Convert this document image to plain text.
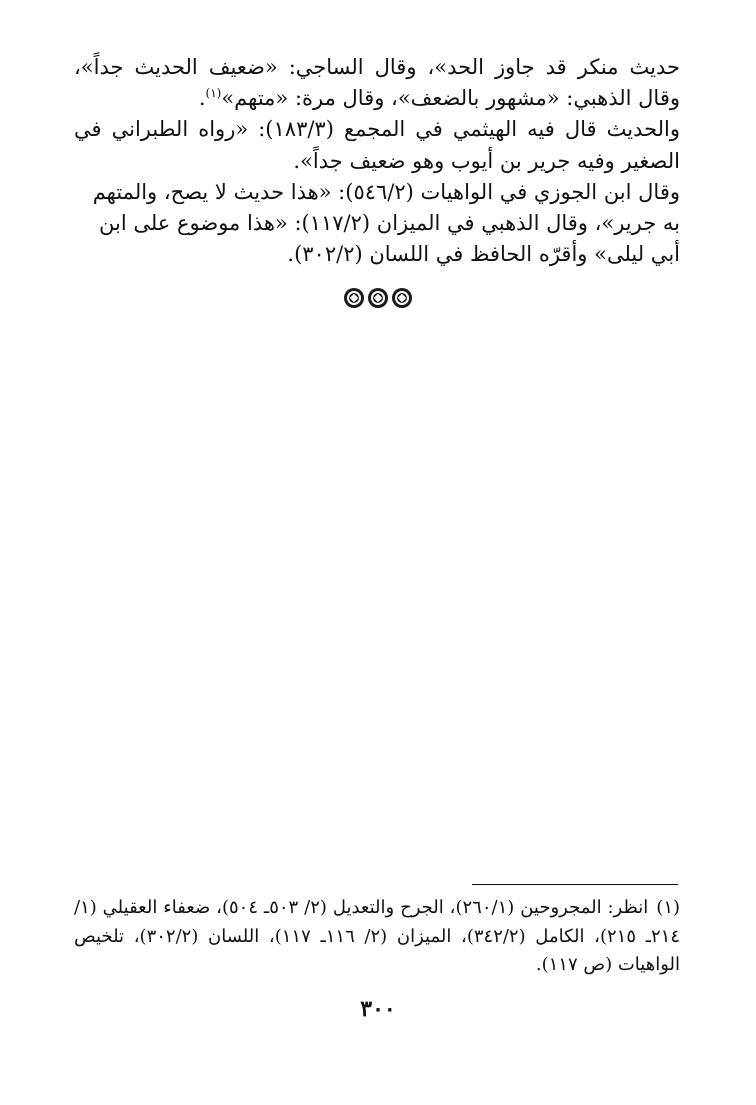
حديث منكر قد جاوز الحد»، وقال الساجي: «ضعيف الحديث جداً»، وقال الذهبي: «مشهور بالضعف»، وقال مرة: «متهم»$^{(١)}$.

والحديث قال فيه الهيثمي في المجمع (١٨٣/٣): «رواه الطبراني في الصغير وفيه جرير بن أيوب وهو ضعيف جداً».

وقال ابن الجوزي في الواهيات (٥٤٦/٢): «هذا حديث لا يصح، والمتهم به جرير»، وقال الذهبي في الميزان (١١٧/٢): «هذا موضوع على ابن أبي ليلى» وأقرّه الحافظ في اللسان (٣٠٢/٢).

(١)انظر: المجروحين (٢٦٠/١)، الجرح والتعديل (٢/ ٥٠٣ـ ٥٠٤)، ضعفاء العقيلي (١/ ٢١٤ـ ٢١٥)، الكامل (٣٤٢/٢)، الميزان (٢/ ١١٦ـ ١١٧)، اللسان (٣٠٢/٢)، تلخيص الواهيات (ص ١١٧).
٣٠٠
